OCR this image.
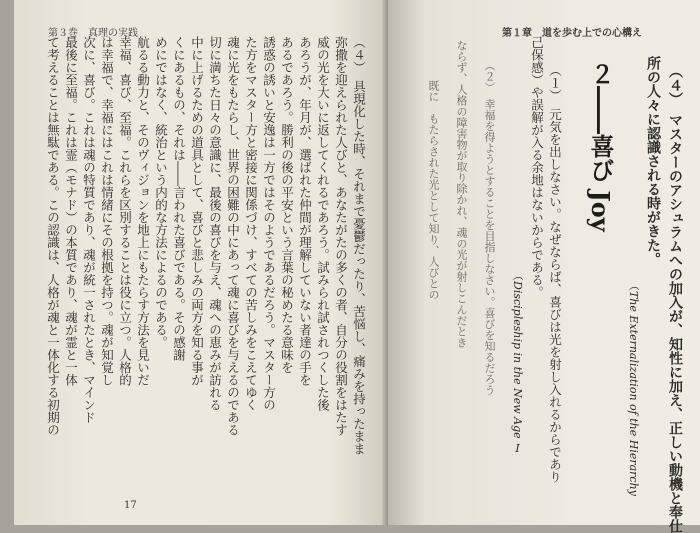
第３巻　真理の実践
（４）　具現化した時、それまで憂鬱だったり、苦悩し、痛みを持ったまま
弥撒を迎えられた人びと、あなたがたの多くの者、自分の役割をはたす
威の光を大いに返してくれるであろう。試みられ試されつくした後
あろうが、年月が、選ばれた仲間が理解していない者達の手を
あるであろう。勝利の後の平安という言葉の秘めたる意味を
誘惑の誘いと安逸は一方ではそのようであるだろう。マスター方の
た方をマスター方と密接に関係づけ、すべての苦しみをこえてゆく
魂に光をもたらし、世界の困難の中にあって魂に喜びを与えるのである
切に満ちた日々の意識に、最後の喜びを与え、魂への恵みが訪れる
中に上げるための道具として、喜びと悲しみの両方を知る事が
くにあるもの、それは――言われた喜びである。その感謝
めにではなく、統治という内的な方法によるのである。
航るる動力と、そのヴィジョンを地上にもたらす方法を見いだ
幸福、喜び、至福。これらを区別することは役に立つ。人格的
は幸福で、幸福にはこれは情緒にその根拠を持つ。魂が知覚し
次に、喜び。これは魂の特質であり、魂が統一されたとき、マインド
最後に至福。これは霊（モナド）の本質であり、魂が霊と一体
て考えることは無駄である。この認識は、人格が魂と一体化する初期の
17
第１章　道を歩む上での心構え
（４）　マスターのアシュラムへの加入が、知性に加え、正しい動機と奉仕
所の人々に認識される時がきた。
（The Externalization of the Hierarchy
２――喜び Joy
（１）　元気を出しなさい。なぜならば、喜びは光を射し入れるからであり
己保感）や誤解が入る余地はないからである。
（Discipleship in the New Age Ⅰ
（２）　幸福を得ようとすることを目指しなさい。喜びを知るだろう
ならず、人格の障害物が取り除かれ、魂の光が射しこんだとき
既に　もたらされた光として知り、人びとの
